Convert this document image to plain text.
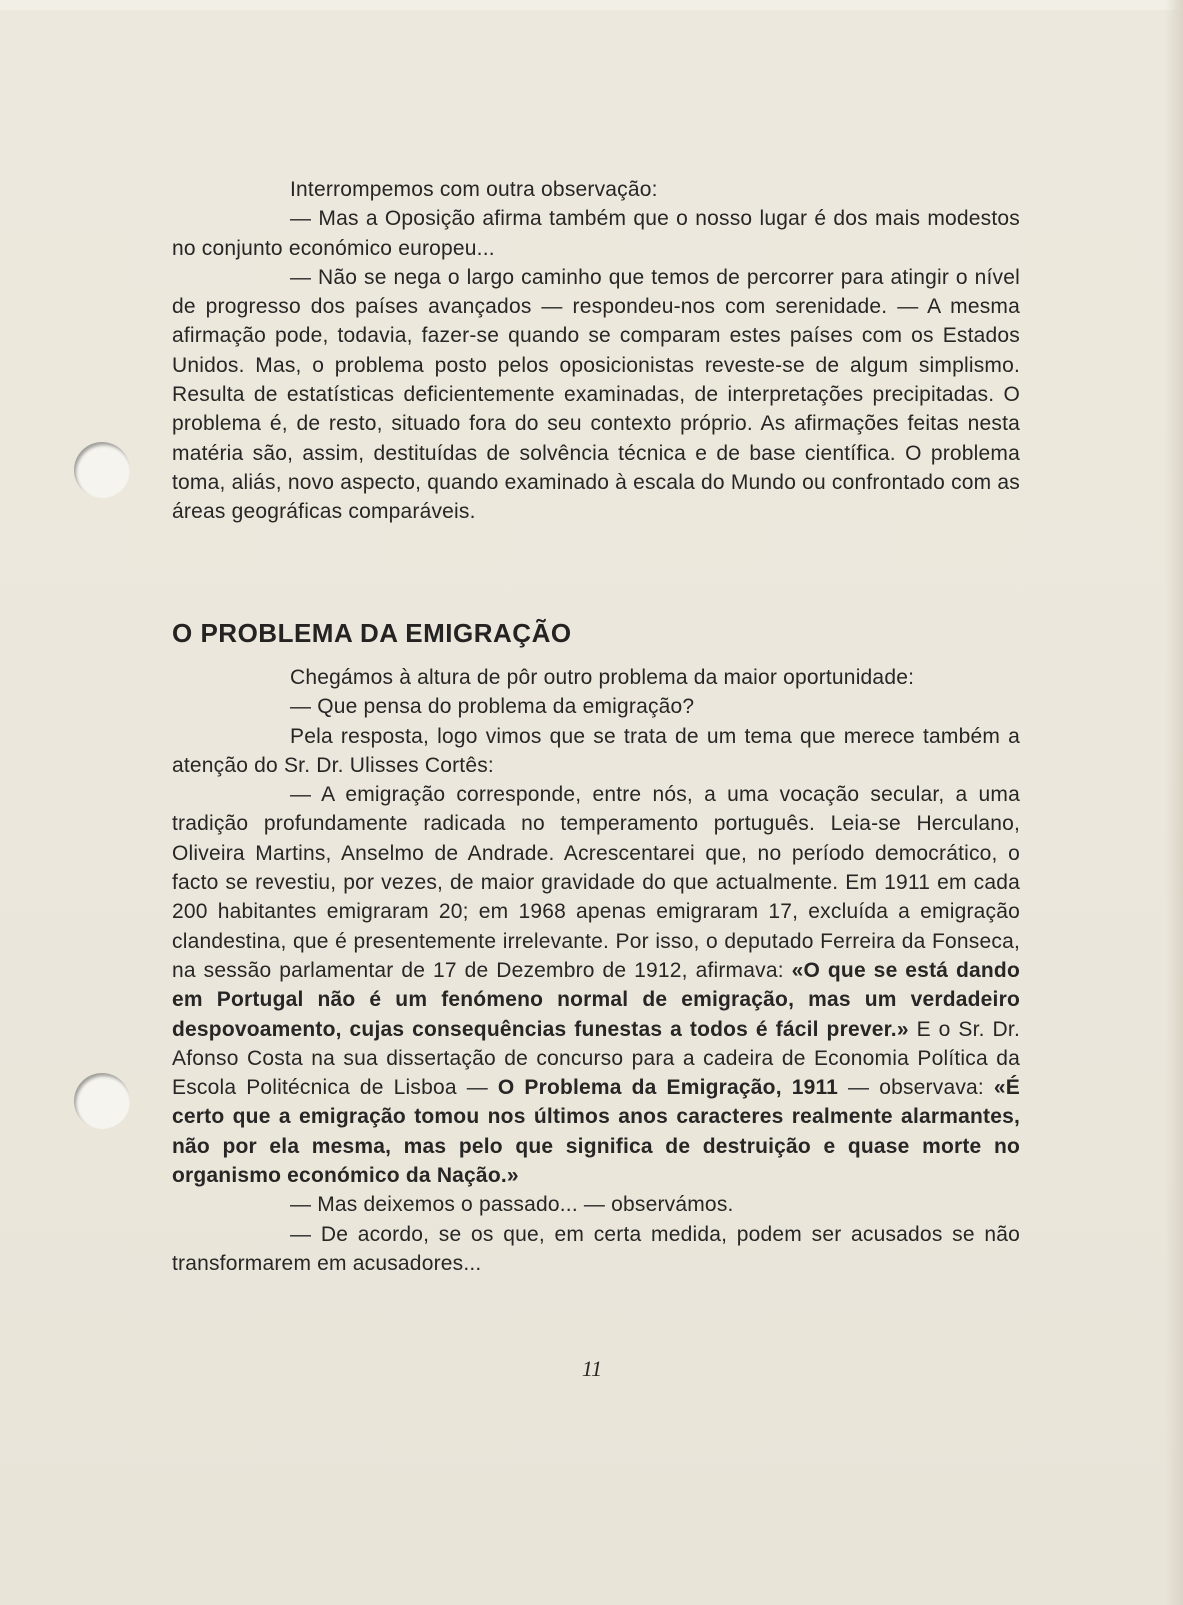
Interrompemos com outra observação:

— Mas a Oposição afirma também que o nosso lugar é dos mais modestos no conjunto económico europeu...

— Não se nega o largo caminho que temos de percorrer para atingir o nível de progresso dos países avançados — respondeu-nos com serenidade. — A mesma afirmação pode, todavia, fazer-se quando se comparam estes países com os Estados Unidos. Mas, o problema posto pelos oposicionistas reveste-se de algum simplismo. Resulta de estatísticas deficientemente examinadas, de interpretações precipitadas. O problema é, de resto, situado fora do seu contexto próprio. As afirmações feitas nesta matéria são, assim, destituídas de solvência técnica e de base científica. O problema toma, aliás, novo aspecto, quando examinado à escala do Mundo ou confrontado com as áreas geográficas comparáveis.

O PROBLEMA DA EMIGRAÇÃO

Chegámos à altura de pôr outro problema da maior oportunidade:

— Que pensa do problema da emigração?

Pela resposta, logo vimos que se trata de um tema que merece também a atenção do Sr. Dr. Ulisses Cortês:

— A emigração corresponde, entre nós, a uma vocação secular, a uma tradição profundamente radicada no temperamento português. Leia-se Herculano, Oliveira Martins, Anselmo de Andrade. Acrescentarei que, no período democrático, o facto se revestiu, por vezes, de maior gravidade do que actualmente. Em 1911 em cada 200 habitantes emigraram 20; em 1968 apenas emigraram 17, excluída a emigração clandestina, que é presentemente irrelevante. Por isso, o deputado Ferreira da Fonseca, na sessão parlamentar de 17 de Dezembro de 1912, afirmava: «O que se está dando em Portugal não é um fenómeno normal de emigração, mas um verdadeiro despovoamento, cujas consequências funestas a todos é fácil prever.» E o Sr. Dr. Afonso Costa na sua dissertação de concurso para a cadeira de Economia Política da Escola Politécnica de Lisboa — O Problema da Emigração, 1911 — observava: «É certo que a emigração tomou nos últimos anos caracteres realmente alarmantes, não por ela mesma, mas pelo que significa de destruição e quase morte no organismo económico da Nação.»

— Mas deixemos o passado... — observámos.

— De acordo, se os que, em certa medida, podem ser acusados se não transformarem em acusadores...

11
